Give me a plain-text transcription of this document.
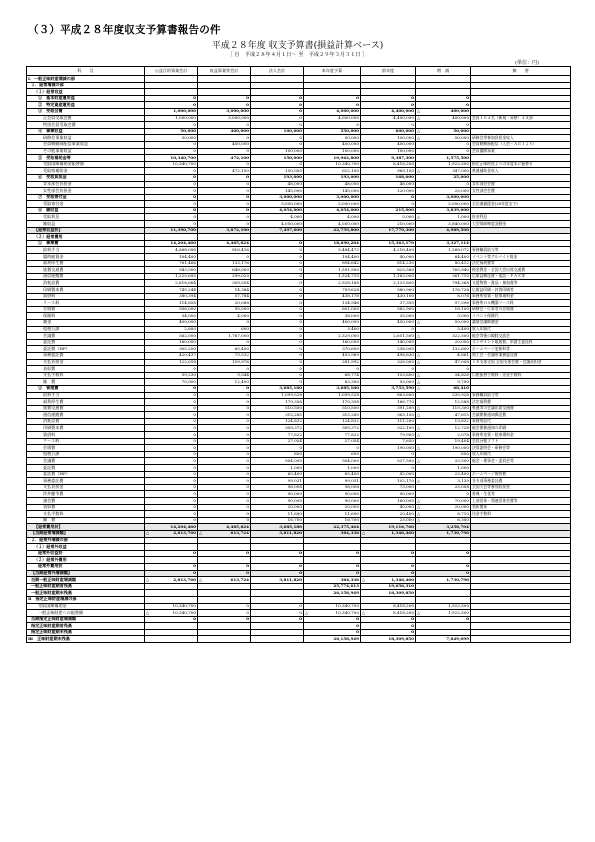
（３）平成２８年度収支予算書報告の件
平成２８年度 収支予算書(損益計算ベース)
［ 自　平成２８年４月１日～ 至　平成２９年３月３１日 ］
(単位：円)
科　　目	公益目的事業会計	収益事業等会計	法人会計	本年度予算	前年度	増　減	摘　　要
Ⅰ．一般正味財産増減の部							
１．経常増減の部							
（１）経常収益							
①　基本財産運用益	0	0	0	0	0	0	
②　特定資産運用益	0	0	0	0	0	0	
③　受取会費	1,000,000	3,000,000	0	4,000,000	4,400,000	△ 400,000	
正会員受取会費	1,000,000	3,000,000	0	4,000,000	4,400,000	△ 400,000	会員１０４名（新規・昇格）４支部
特別会員受取会費	0	0	0	0	0	0	
④　事業収益	50,000	400,000	100,000	550,000	600,000	△ 50,000	
研修会事業収益	50,000	0	0	50,000	100,000	△ 50,000	研修会等参加負担金収入
会員制動画配信事業収益	0	400,000	0	400,000	400,000	0	会員制動画配信（入会・ＡＥＩより）
その他事業収益	0	0	100,000	100,000	100,000	0	会員優勝事業
⑤　受取補助金等	10,340,700	472,100	150,000	10,962,800	9,387,300	1,575,500	
受取国庫補助金振替額	10,340,700	0	0	10,340,700	8,418,200	1,922,500	指定正味財産よりの年度末に振替る
受取県補助金	0	472,100	150,000	622,100	969,100	△ 347,000	県連補助金収入
⑥　受取負担金	0	0	193,000	193,000	168,000	25,000	
青年部会負担金	0	0	48,000	48,000	48,000	0	青年部会会費
女性部会負担金	0	0	145,000	145,000	120,000	25,000	女性部会会費
⑦　受取寄付金	0	0	3,000,000	3,000,000	0	3,000,000	
受取寄付金	0	0	3,000,000	3,000,000	0	3,000,000	全法連義援金(28年度まで)
⑧　雑収益	0	0	4,054,000	4,054,000	215,000	3,839,000	
受取利息	0	0	4,000	4,000	5,000	△ 1,000	貯金利息
雑収益	0	0	4,050,000	4,050,000	210,000	3,840,000	大型保障制度発動金
【経常収益計】	11,390,700	3,872,100	7,497,000	22,759,800	17,770,300	4,989,500	
（２）経常費用							
①　事業費	14,204,460	4,485,824	0	18,690,284	15,363,170	3,327,114	
給料手当	4,668,056	816,416	0	5,484,472	4,216,400	1,268,072	事務職員給与等
臨時雇賃金	104,400	0	0	104,400	40,000	64,400	イベント等アルバイト賃金
福利厚生費	761,466	133,176	0	894,642	814,230	80,412	法定福利費等
旅費交通費	943,500	648,000	0	1,591,500	825,560	765,940	税金教室・全国大会出席交通費
通信運搬費	1,225,695	299,020	0	1,524,715	1,163,000	361,715	広報誌郵送費・電話・ＦＡＸ等
消耗品費	2,618,664	309,504	0	2,928,168	2,133,800	794,368	支援物資・賞品・参加賞等
印刷製本費	745,244	14,384	0	759,628	580,900	178,728	広報誌印刷・封筒印刷等
賃借料	380,394	57,784	0	438,178	430,100	8,078	事務所家賃・駐車場料金
リース料	114,858	20,088	0	134,946	37,350	97,596	事務所ＯＡ機器リース料
会場費	506,000	95,000	0	601,000	582,900	18,100	研修会・行事等の会場費
保険料	34,000	4,000	0	38,000	35,000	3,000	イベント保険代
謝金	400,000	0	0	400,000	450,000	△ 50,000	講演会講師謝金
租税公課	2,800	600	0	3,400	0	3,400	収入印紙代
会議費	562,000	1,767,000	0	2,329,000	2,651,500	△ 322,500	総会等後の親睦交流会
委託費	160,000	0	0	160,000	140,000	20,000	オンザメン下取業費、申請主委託料
委託費（HP）	305,200	65,400	0	370,600	238,000	132,600	ホームページ更新料等
事務委託費	420,437	73,532	0	493,969	498,830	△ 4,861	商工会・会議所業務委託費
支払負担金	122,016	159,976	0	281,992	326,000	△ 47,008	１８支部全国 全国支部会費・会議負担金
表彰費	0	0	0	0	0	0	
支払手数料	59,230	9,544	0	68,774	103,600	△ 34,826	口座振替手数料・送金手数料
雑　費	70,900	12,400	0	83,300	93,000	△ 9,700	
②　管理費	0	0	3,685,180	3,685,180	3,753,590	△ 68,410	
給料手当	0	0	1,099,528	1,099,528	863,600	235,928	事務職員給与等
福利厚生費	0	0	179,358	179,358	166,770	12,588	法定福利費
旅費交通費	0	0	510,500	510,500	391,200	△ 119,300	県連等の会議出席交通費
通信運搬費	0	0	315,285	315,285	363,100	△ 47,815	会議開催通知郵送費
消耗品費	0	0	124,832	124,832	111,200	13,632	事務用品代
印刷製本費	0	0	309,372	309,372	322,100	△ 12,728	総会開催通知の印刷
賃借料	0	0	77,822	77,822	79,900	△ 2,078	事務所家賃・駐車場料金
リース料	0	0	27,054	27,054	7,650	19,404	会員台帳ソフト
会場費	0	0	0	0	190,000	△ 190,000	決算説明会・研修会等
租税公課	0	0	600	600	0	600	収入印紙代
会議費	0	0	504,000	504,000	537,500	△ 33,500	総会・理事会・委員会等
委託費	0	0	1,000	1,000	0	1,000	
委託費（HP）	0	0	65,400	65,400	42,000	23,400	ホームページ維持費
事務委託費	0	0	99,031	99,031	102,170	△ 3,139	各支部事務委託費
支払負担金	0	0	98,008	98,008	73,000	25,008	全国大会等参加負担金
渉外慶弔費	0	0	90,000	90,000	90,000	0	香典・生花等
諸会費	0	0	90,000	90,000	160,000	△ 70,000	上部団体・関連団体会費等
表彰費	0	0	20,000	20,000	40,000	△ 20,000	表彰関係
支払手数料	0	0	11,690	11,690	20,400	△ 8,710	送金手数料
雑　費	0	0	16,700	16,700	23,000	△ 6,300	
【経常費用計】	14,204,460	4,485,824	3,685,180	22,375,464	19,116,760	3,258,704	
【当期経常増減額】	△ 2,813,760	△ 613,724	3,811,820	384,336	△ 1,346,460	1,730,796	
２．経常外増減の部							
（１）経常外収益							
経常外収益計	0	0	0	0	0	0	
（２）経常外費用							
経常外費用計	0	0	0	0	0	0	
【当期経常外増減額】	0	0	0	0	0	0	
当期一般正味財産増減額	△ 2,813,760	△ 613,724	3,811,820	384,336	△ 1,346,460	1,730,796	
一般正味財産期首残高				25,774,613	19,656,310		
一般正味財産期末残高				26,158,949	18,309,850		
Ⅱ　指定正味財産増減の部							
受取国庫補助金	10,340,700	0	0	10,340,700	8,418,200	1,922,500	
一般正味財産への振替額	△ 10,340,700	0	0	△ 10,340,700	△ 8,418,200	△ 1,922,500	
当期指定正味財産増減額	0	0	0	0	0	0	
指定正味財産期首残高				0	0		
指定正味財産期末残高				0	0		
Ⅲ　正味財産期末残高				26,158,949	18,309,850	7,849,099	
